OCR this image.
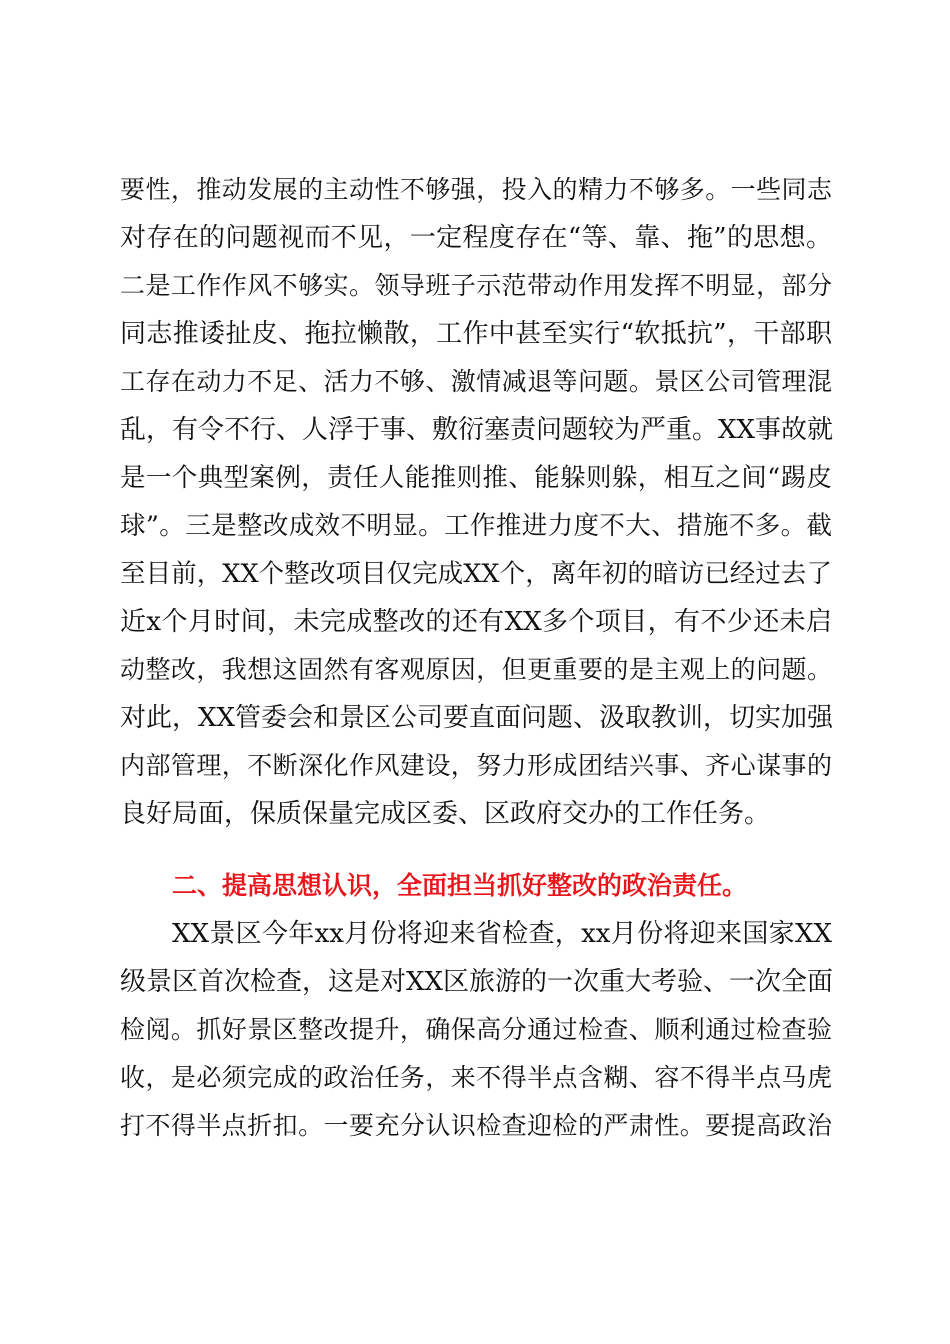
要性，推动发展的主动性不够强，投入的精力不够多。一些同志
对存在的问题视而不见，一定程度存在“等、靠、拖”的思想。
二是工作作风不够实。领导班子示范带动作用发挥不明显，部分
同志推诿扯皮、拖拉懒散，工作中甚至实行“软抵抗”，干部职
工存在动力不足、活力不够、激情减退等问题。景区公司管理混
乱，有令不行、人浮于事、敷衍塞责问题较为严重。XX事故就
是一个典型案例，责任人能推则推、能躲则躲，相互之间“踢皮
球”。三是整改成效不明显。工作推进力度不大、措施不多。截
至目前，XX个整改项目仅完成XX个，离年初的暗访已经过去了
近x个月时间，未完成整改的还有XX多个项目，有不少还未启
动整改，我想这固然有客观原因，但更重要的是主观上的问题。
对此，XX管委会和景区公司要直面问题、汲取教训，切实加强
内部管理，不断深化作风建设，努力形成团结兴事、齐心谋事的
良好局面，保质保量完成区委、区政府交办的工作任务。
二、提高思想认识，全面担当抓好整改的政治责任。
XX景区今年xx月份将迎来省检查，xx月份将迎来国家XX
级景区首次检查，这是对XX区旅游的一次重大考验、一次全面
检阅。抓好景区整改提升，确保高分通过检查、顺利通过检查验
收，是必须完成的政治任务，来不得半点含糊、容不得半点马虎
打不得半点折扣。一要充分认识检查迎检的严肃性。要提高政治
